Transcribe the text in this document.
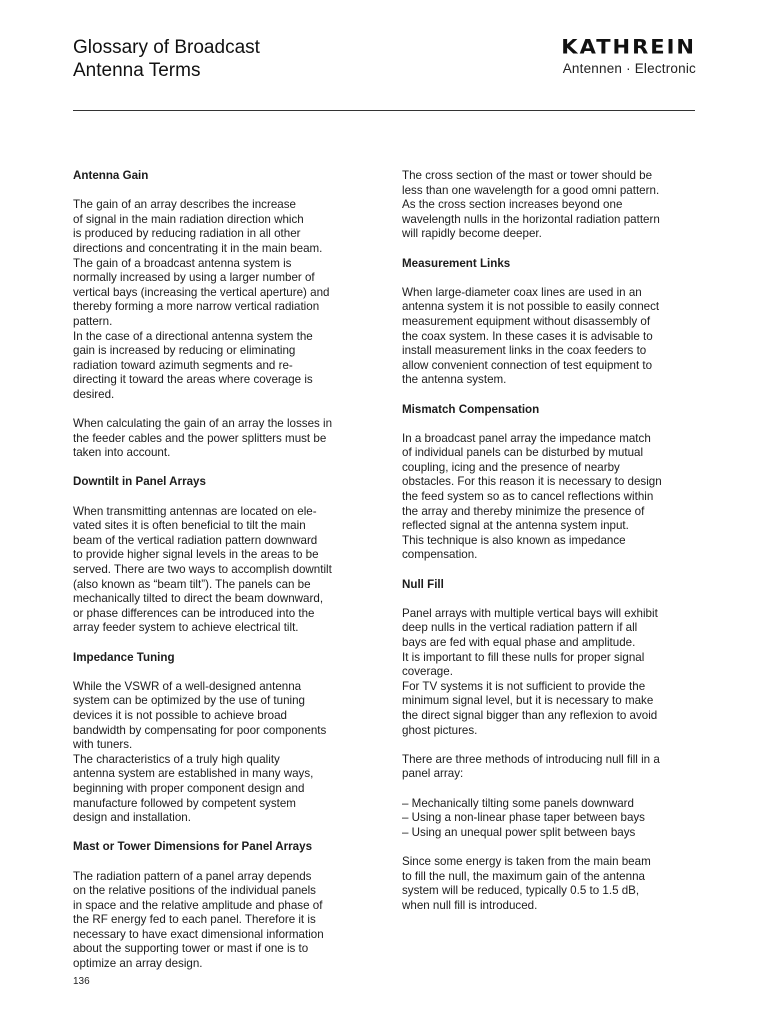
Glossary of Broadcast
Antenna Terms
KATHREIN
Antennen · Electronic
Antenna Gain

The gain of an array describes the increase
of signal in the main radiation direction which
is produced by reducing radiation in all other
directions and concentrating it in the main beam.
The gain of a broadcast antenna system is
normally increased by using a larger number of
vertical bays (increasing the vertical aperture) and
thereby forming a more narrow vertical radiation
pattern.
In the case of a directional antenna system the
gain is increased by reducing or eliminating
radiation toward azimuth segments and re-
directing it toward the areas where coverage is
desired.

When calculating the gain of an array the losses in
the feeder cables and the power splitters must be
taken into account.

Downtilt in Panel Arrays

When transmitting antennas are located on ele-
vated sites it is often beneficial to tilt the main
beam of the vertical radiation pattern downward
to provide higher signal levels in the areas to be
served. There are two ways to accomplish downtilt
(also known as “beam tilt”). The panels can be
mechanically tilted to direct the beam downward,
or phase differences can be introduced into the
array feeder system to achieve electrical tilt.

Impedance Tuning

While the VSWR of a well-designed antenna
system can be optimized by the use of tuning
devices it is not possible to achieve broad
bandwidth by compensating for poor components
with tuners.
The characteristics of a truly high quality
antenna system are established in many ways,
beginning with proper component design and
manufacture followed by competent system
design and installation.

Mast or Tower Dimensions for Panel Arrays

The radiation pattern of a panel array depends
on the relative positions of the individual panels
in space and the relative amplitude and phase of
the RF energy fed to each panel. Therefore it is
necessary to have exact dimensional information
about the supporting tower or mast if one is to
optimize an array design.

The cross section of the mast or tower should be
less than one wavelength for a good omni pattern.
As the cross section increases beyond one
wavelength nulls in the horizontal radiation pattern
will rapidly become deeper.

Measurement Links

When large-diameter coax lines are used in an
antenna system it is not possible to easily connect
measurement equipment without disassembly of
the coax system. In these cases it is advisable to
install measurement links in the coax feeders to
allow convenient connection of test equipment to
the antenna system.

Mismatch Compensation

In a broadcast panel array the impedance match
of individual panels can be disturbed by mutual
coupling, icing and the presence of nearby
obstacles. For this reason it is necessary to design
the feed system so as to cancel reflections within
the array and thereby minimize the presence of
reflected signal at the antenna system input.
This technique is also known as impedance
compensation.

Null Fill

Panel arrays with multiple vertical bays will exhibit
deep nulls in the vertical radiation pattern if all
bays are fed with equal phase and amplitude.
It is important to fill these nulls for proper signal
coverage.
For TV systems it is not sufficient to provide the
minimum signal level, but it is necessary to make
the direct signal bigger than any reflexion to avoid
ghost pictures.

There are three methods of introducing null fill in a
panel array:

– Mechanically tilting some panels downward
– Using a non-linear phase taper between bays
– Using an unequal power split between bays

Since some energy is taken from the main beam
to fill the null, the maximum gain of the antenna
system will be reduced, typically 0.5 to 1.5 dB,
when null fill is introduced.

136
